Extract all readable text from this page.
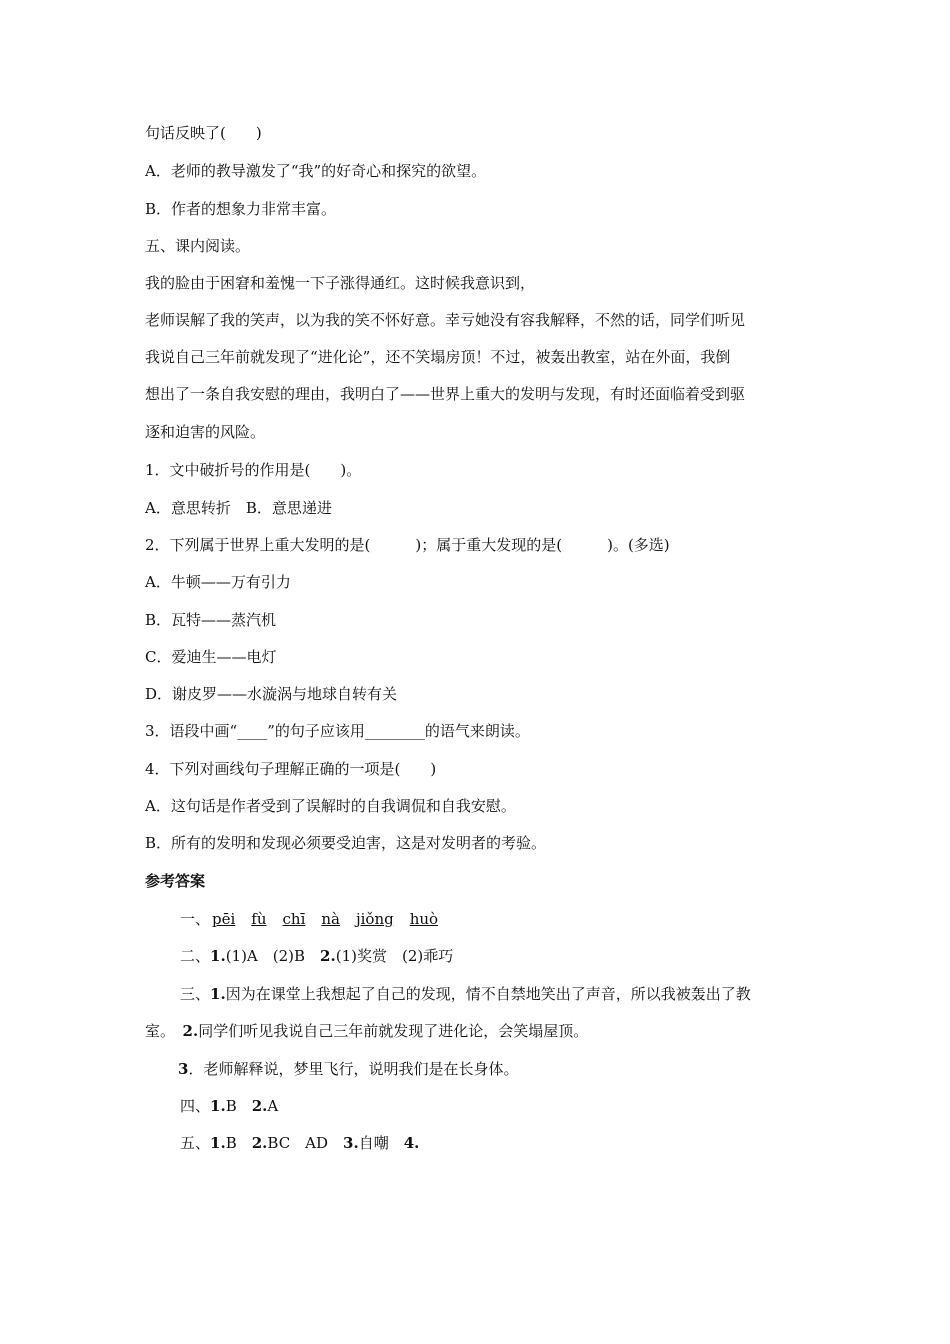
句话反映了(　　)
A．老师的教导激发了“我”的好奇心和探究的欲望。
B．作者的想象力非常丰富。
五、课内阅读。
我的脸由于困窘和羞愧一下子涨得通红。这时候我意识到，
老师误解了我的笑声，以为我的笑不怀好意。幸亏她没有容我解释，不然的话，同学们听见
我说自己三年前就发现了“进化论”，还不笑塌房顶！不过，被轰出教室，站在外面，我倒
想出了一条自我安慰的理由，我明白了——世界上重大的发明与发现，有时还面临着受到驱
逐和迫害的风险。
1．文中破折号的作用是(　　)。
A．意思转折　B．意思递进
2．下列属于世界上重大发明的是(　　　)；属于重大发现的是(　　　)。(多选)
A．牛顿——万有引力
B．瓦特——蒸汽机
C．爱迪生——电灯
D．谢皮罗——水漩涡与地球自转有关
3．语段中画“____”的句子应该用________的语气来朗读。
4．下列对画线句子理解正确的一项是(　　)
A．这句话是作者受到了误解时的自我调侃和自我安慰。
B．所有的发明和发现必须要受迫害，这是对发明者的考验。
参考答案
一、 pēi fù chī nà jiǒng huò
二、1.(1)A　(2)B　2.(1)奖赏　(2)乖巧
三、1.因为在课堂上我想起了自己的发现，情不自禁地笑出了声音，所以我被轰出了教
室。　2.同学们听见我说自己三年前就发现了进化论，会笑塌屋顶。
3．老师解释说，梦里飞行，说明我们是在长身体。
四、1.B　2.A
五、1.B　2.BC　AD　3.自嘲　4.
